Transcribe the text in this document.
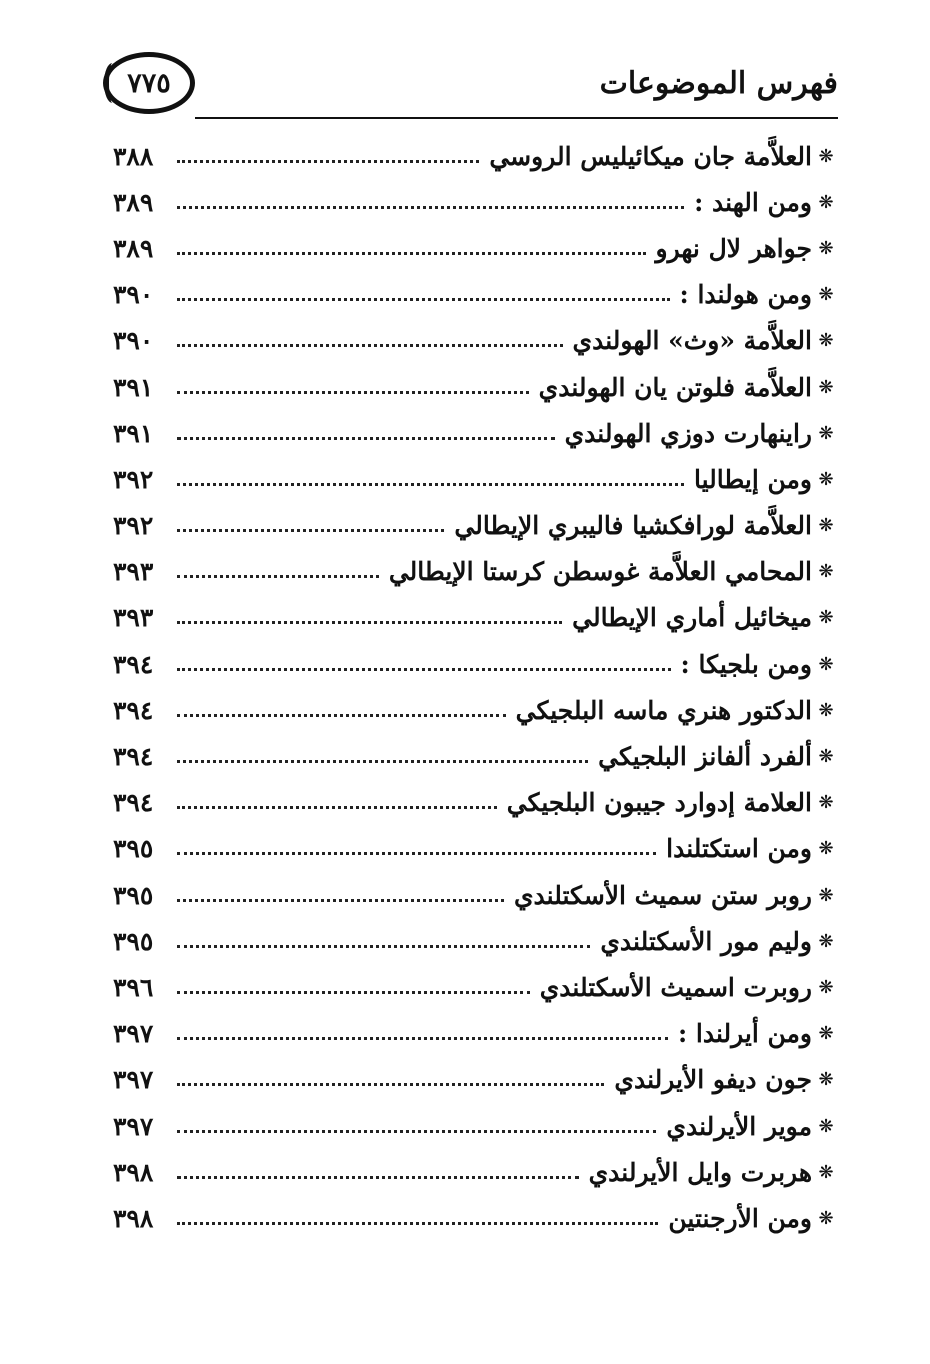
٧٧٥	فهرس الموضوعات
❋
العلاَّمة جان ميكائيليس الروسي
٣٨٨
❋
ومن الهند :
٣٨٩
❋
جواهر لال نهرو
٣٨٩
❋
ومن هولندا :
٣٩٠
❋
العلاَّمة «وث» الهولندي
٣٩٠
❋
العلاَّمة فلوتن يان الهولندي
٣٩١
❋
راينهارت دوزي الهولندي
٣٩١
❋
ومن إيطاليا
٣٩٢
❋
العلاَّمة لورافكشيا فاليبري الإيطالي
٣٩٢
❋
المحامي العلاَّمة غوسطن كرستا الإيطالي
٣٩٣
❋
ميخائيل أماري الإيطالي
٣٩٣
❋
ومن بلجيكا :
٣٩٤
❋
الدكتور هنري ماسه البلجيكي
٣٩٤
❋
ألفرد ألفانز البلجيكي
٣٩٤
❋
العلامة إدوارد جيبون البلجيكي
٣٩٤
❋
ومن استكتلندا
٣٩٥
❋
روبر ستن سميث الأسكتلندي
٣٩٥
❋
وليم مور الأسكتلندي
٣٩٥
❋
روبرت اسميث الأسكتلندي
٣٩٦
❋
ومن أيرلندا :
٣٩٧
❋
جون ديفو الأيرلندي
٣٩٧
❋
موير الأيرلندي
٣٩٧
❋
هربرت وايل الأيرلندي
٣٩٨
❋
ومن الأرجنتين
٣٩٨
